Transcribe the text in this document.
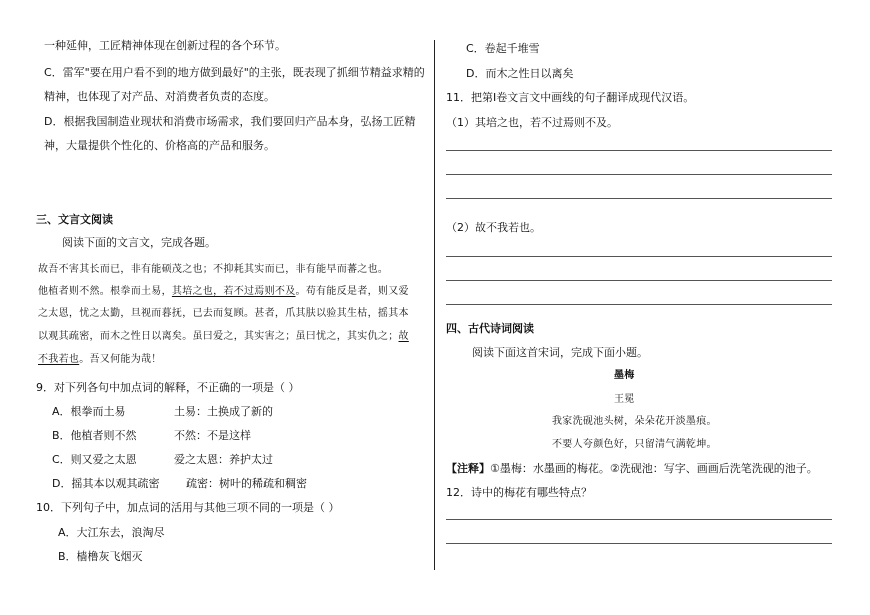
一种延伸，工匠精神体现在创新过程的各个环节。
C．雷军"要在用户看不到的地方做到最好"的主张，既表现了抓细节精益求精的
精神，也体现了对产品、对消费者负责的态度。
D．根据我国制造业现状和消费市场需求，我们要回归产品本身，弘扬工匠精
神，大量提供个性化的、价格高的产品和服务。
三、文言文阅读
阅读下面的文言文，完成各题。
故吾不害其长而已，非有能硕茂之也；不抑耗其实而已，非有能早而蕃之也。
他植者则不然。根拳而土易，其培之也，若不过焉则不及。苟有能反是者，则又爱
之太恩，忧之太勤，旦视而暮抚，已去而复顾。甚者，爪其肤以验其生枯，摇其本
以观其疏密，而木之性日以离矣。虽曰爱之，其实害之；虽曰忧之，其实仇之；故
不我若也。吾又何能为哉！
9．对下列各句中加点词的解释，不正确的一项是（ ）
A．根拳而土易	土易：土换成了新的
B．他植者则不然	不然：不是这样
C．则又爱之太恩	爱之太恩：养护太过
D．摇其本以观其疏密 疏密：树叶的稀疏和稠密
10．下列句子中，加点词的活用与其他三项不同的一项是（ ）
A．大江东去，浪淘尽
B．樯橹灰飞烟灭
C．卷起千堆雪
D．而木之性日以离矣
11．把第Ⅰ卷文言文中画线的句子翻译成现代汉语。
（1）其培之也，若不过焉则不及。
（2）故不我若也。
四、古代诗词阅读
阅读下面这首宋词，完成下面小题。
墨梅
王冕
我家洗砚池头树，朵朵花开淡墨痕。
不要人夸颜色好，只留清气满乾坤。
【注释】①墨梅：水墨画的梅花。②洗砚池：写字、画画后洗笔洗砚的池子。
12．诗中的梅花有哪些特点？
